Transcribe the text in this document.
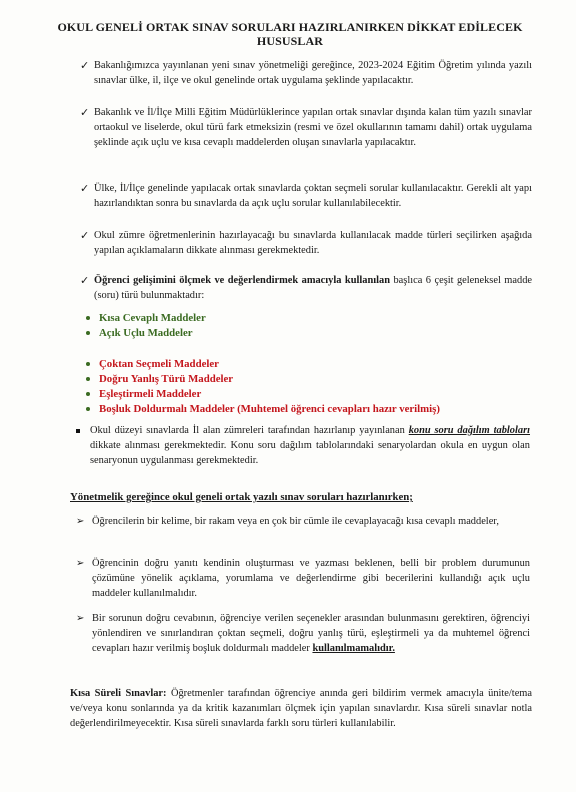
OKUL GENELİ ORTAK SINAV SORULARI HAZIRLANIRKEN DİKKAT EDİLECEK HUSUSLAR
✓ Bakanlığımızca yayınlanan yeni sınav yönetmeliği gereğince, 2023-2024 Eğitim Öğretim yılında yazılı sınavlar ülke, il, ilçe ve okul genelinde ortak uygulama şeklinde yapılacaktır.
✓ Bakanlık ve İl/İlçe Milli Eğitim Müdürlüklerince yapılan ortak sınavlar dışında kalan tüm yazılı sınavlar ortaokul ve liselerde, okul türü fark etmeksizin (resmi ve özel okullarının tamamı dahil) ortak uygulama şeklinde açık uçlu ve kısa cevaplı maddelerden oluşan sınavlarla yapılacaktır.
✓ Ülke, İl/İlçe genelinde yapılacak ortak sınavlarda çoktan seçmeli sorular kullanılacaktır. Gerekli alt yapı hazırlandıktan sonra bu sınavlarda da açık uçlu sorular kullanılabilecektir.
✓ Okul zümre öğretmenlerinin hazırlayacağı bu sınavlarda kullanılacak madde türleri seçilirken aşağıda yapılan açıklamaların dikkate alınması gerekmektedir.
✓ Öğrenci gelişimini ölçmek ve değerlendirmek amacıyla kullanılan başlıca 6 çeşit geleneksel madde (soru) türü bulunmaktadır:
Kısa Cevaplı Maddeler
Açık Uçlu Maddeler
Çoktan Seçmeli Maddeler
Doğru Yanlış Türü Maddeler
Eşleştirmeli Maddeler
Boşluk Doldurmalı Maddeler (Muhtemel öğrenci cevapları hazır verilmiş)
Okul düzeyi sınavlarda İl alan zümreleri tarafından hazırlanıp yayınlanan konu soru dağılım tabloları dikkate alınması gerekmektedir. Konu soru dağılım tablolarındaki senaryolardan okula en uygun olan senaryonun uygulanması gerekmektedir.
Yönetmelik gereğince okul geneli ortak yazılı sınav soruları hazırlanırken;
➢ Öğrencilerin bir kelime, bir rakam veya en çok bir cümle ile cevaplayacağı kısa cevaplı maddeler,
➢ Öğrencinin doğru yanıtı kendinin oluşturması ve yazması beklenen, belli bir problem durumunun çözümüne yönelik açıklama, yorumlama ve değerlendirme gibi becerilerini kullandığı açık uçlu maddeler kullanılmalıdır.
➢ Bir sorunun doğru cevabının, öğrenciye verilen seçenekler arasından bulunmasını gerektiren, öğrenciyi yönlendiren ve sınırlandıran çoktan seçmeli, doğru yanlış türü, eşleştirmeli ya da muhtemel öğrenci cevapları hazır verilmiş boşluk doldurmalı maddeler kullanılmamalıdır.
Kısa Süreli Sınavlar: Öğretmenler tarafından öğrenciye anında geri bildirim vermek amacıyla ünite/tema ve/veya konu sonlarında ya da kritik kazanımları ölçmek için yapılan sınavlardır. Kısa süreli sınavlar notla değerlendirilmeyecektir. Kısa süreli sınavlarda farklı soru türleri kullanılabilir.
